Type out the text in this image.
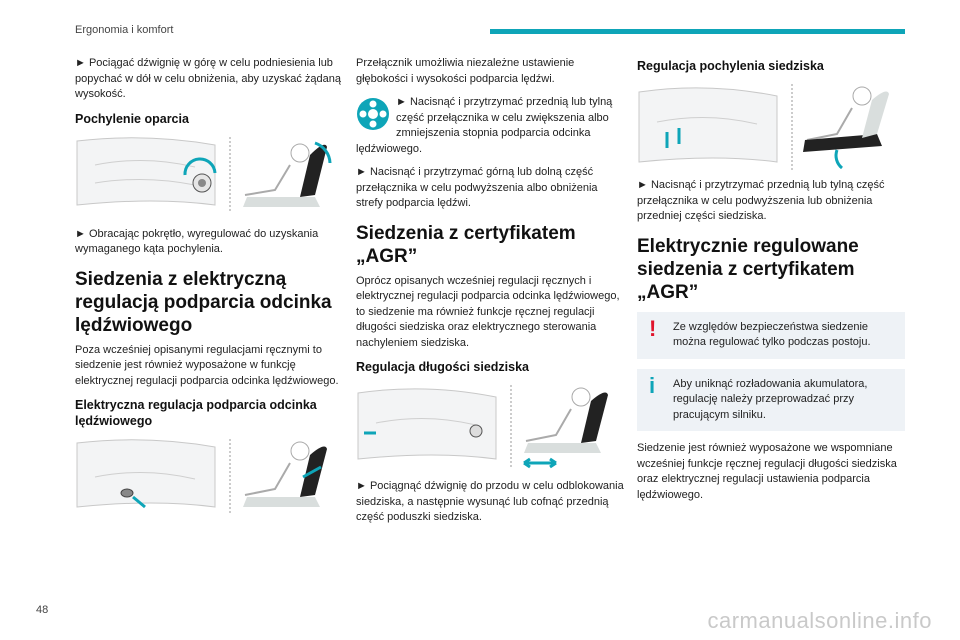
Ergonomia i komfort

► Pociągać dźwignię w górę w celu podniesienia lub popychać w dół w celu obniżenia, aby uzyskać żądaną wysokość.

Pochylenie oparcia

► Obracając pokrętło, wyregulować do uzyskania wymaganego kąta pochylenia.

Siedzenia z elektryczną regulacją podparcia odcinka lędźwiowego

Poza wcześniej opisanymi regulacjami ręcznymi to siedzenie jest również wyposażone w funkcję elektrycznej regulacji podparcia odcinka lędźwiowego.

Elektryczna regulacja podparcia odcinka lędźwiowego

Przełącznik umożliwia niezależne ustawienie głębokości i wysokości podparcia lędźwi.

► Nacisnąć i przytrzymać przednią lub tylną część przełącznika w celu zwiększenia albo zmniejszenia stopnia podparcia odcinka lędźwiowego.

► Nacisnąć i przytrzymać górną lub dolną część przełącznika w celu podwyższenia albo obniżenia strefy podparcia lędźwi.

Siedzenia z certyfikatem „AGR”

Oprócz opisanych wcześniej regulacji ręcznych i elektrycznej regulacji podparcia odcinka lędźwiowego, to siedzenie ma również funkcje ręcznej regulacji długości siedziska oraz elektrycznego sterowania nachyleniem siedziska.

Regulacja długości siedziska

► Pociągnąć dźwignię do przodu w celu odblokowania siedziska, a następnie wysunąć lub cofnąć przednią część poduszki siedziska.

Regulacja pochylenia siedziska

► Nacisnąć i przytrzymać przednią lub tylną część przełącznika w celu podwyższenia lub obniżenia przedniej części siedziska.

Elektrycznie regulowane siedzenia z certyfikatem „AGR”
! Ze względów bezpieczeństwa siedzenie można regulować tylko podczas postoju.
i Aby uniknąć rozładowania akumulatora, regulację należy przeprowadzać przy pracującym silniku.

Siedzenie jest również wyposażone we wspomniane wcześniej funkcje ręcznej regulacji długości siedziska oraz elektrycznej regulacji ustawienia podparcia lędźwiowego.

48	carmanualsonline.info
